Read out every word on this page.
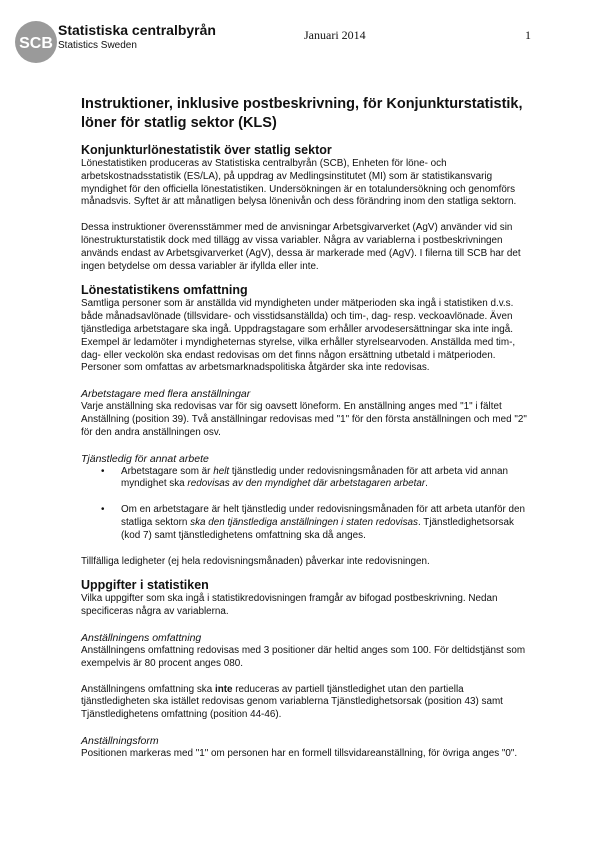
SCB
Statistiska centralbyrån
Statistics Sweden
Januari 2014	1
Instruktioner, inklusive postbeskrivning, för Konjunkturstatistik, löner för statlig sektor (KLS)
Konjunkturlönestatistik över statlig sektor

Lönestatistiken produceras av Statistiska centralbyrån (SCB), Enheten för löne- och arbetskostnadsstatistik (ES/LA), på uppdrag av Medlingsinstitutet (MI) som är statistikansvarig myndighet för den officiella lönestatistiken. Undersökningen är en totalundersökning och genomförs månadsvis. Syftet är att månatligen belysa lönenivån och dess förändring inom den statliga sektorn.

Dessa instruktioner överensstämmer med de anvisningar Arbetsgivarverket (AgV) använder vid sin lönestrukturstatistik dock med tillägg av vissa variabler. Några av variablerna i postbeskrivningen används endast av Arbetsgivarverket (AgV), dessa är markerade med (AgV). I filerna till SCB har det ingen betydelse om dessa variabler är ifyllda eller inte.

Lönestatistikens omfattning

Samtliga personer som är anställda vid myndigheten under mätperioden ska ingå i statistiken d.v.s. både månadsavlönade (tillsvidare- och visstidsanställda) och tim-, dag- resp. veckoavlönade. Även tjänstlediga arbetstagare ska ingå. Uppdragstagare som erhåller arvodesersättningar ska inte ingå. Exempel är ledamöter i myndigheternas styrelse, vilka erhåller styrelsearvoden. Anställda med tim-, dag- eller veckolön ska endast redovisas om det finns någon ersättning utbetald i mätperioden. Personer som omfattas av arbetsmarknadspolitiska åtgärder ska inte redovisas.

Arbetstagare med flera anställningar

Varje anställning ska redovisas var för sig oavsett löneform. En anställning anges med "1" i fältet Anställning (position 39). Två anställningar redovisas med "1" för den första anställningen och med "2" för den andra anställningen osv.

Tjänstledig för annat arbete
• Arbetstagare som är helt tjänstledig under redovisningsmånaden för att arbeta vid annan myndighet ska redovisas av den myndighet där arbetstagaren arbetar.
• Om en arbetstagare är helt tjänstledig under redovisningsmånaden för att arbeta utanför den statliga sektorn ska den tjänstlediga anställningen i staten redovisas. Tjänstledighetsorsak (kod 7) samt tjänstledighetens omfattning ska då anges.

Tillfälliga ledigheter (ej hela redovisningsmånaden) påverkar inte redovisningen.

Uppgifter i statistiken

Vilka uppgifter som ska ingå i statistikredovisningen framgår av bifogad postbeskrivning. Nedan specificeras några av variablerna.

Anställningens omfattning

Anställningens omfattning redovisas med 3 positioner där heltid anges som 100. För deltidstjänst som exempelvis är 80 procent anges 080.

Anställningens omfattning ska inte reduceras av partiell tjänstledighet utan den partiella tjänstledigheten ska istället redovisas genom variablerna Tjänstledighetsorsak (position 43) samt Tjänstledighetens omfattning (position 44-46).

Anställningsform

Positionen markeras med "1" om personen har en formell tillsvidareanställning, för övriga anges "0".
